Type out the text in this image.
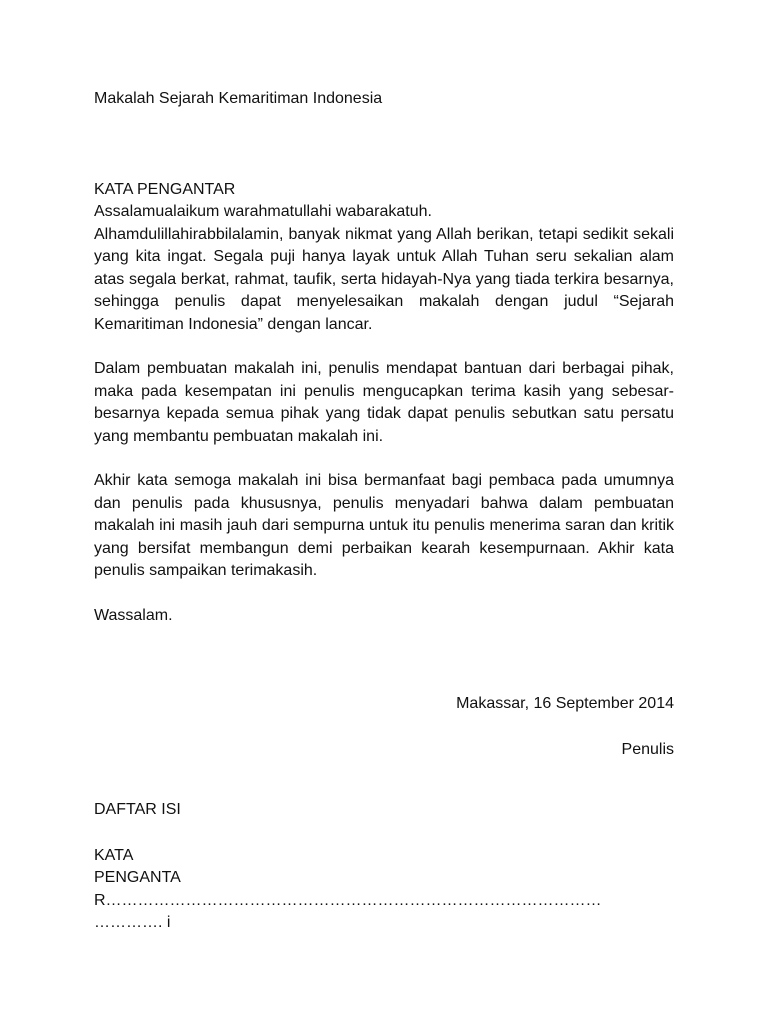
Makalah Sejarah Kemaritiman Indonesia

KATA PENGANTAR

Assalamualaikum warahmatullahi wabarakatuh.

Alhamdulillahirabbilalamin, banyak nikmat yang Allah berikan, tetapi sedikit sekali yang kita ingat. Segala puji hanya layak untuk Allah Tuhan seru sekalian alam atas segala berkat, rahmat, taufik, serta hidayah-Nya yang tiada terkira besarnya, sehingga penulis dapat menyelesaikan makalah dengan judul “Sejarah Kemaritiman Indonesia” dengan lancar.

Dalam pembuatan makalah ini, penulis mendapat bantuan dari berbagai pihak, maka pada kesempatan ini penulis mengucapkan terima kasih yang sebesar-besarnya kepada semua pihak yang tidak dapat penulis sebutkan satu persatu yang membantu pembuatan makalah ini.

Akhir kata semoga makalah ini bisa bermanfaat bagi pembaca pada umumnya dan penulis pada khususnya, penulis menyadari bahwa dalam pembuatan makalah ini masih jauh dari sempurna untuk itu penulis menerima saran dan kritik yang bersifat membangun demi perbaikan kearah kesempurnaan. Akhir kata penulis sampaikan terimakasih.

Wassalam.

Makassar, 16 September 2014

Penulis

DAFTAR ISI

KATA
PENGANTAR…………………………………………………………………………………
…………. i
